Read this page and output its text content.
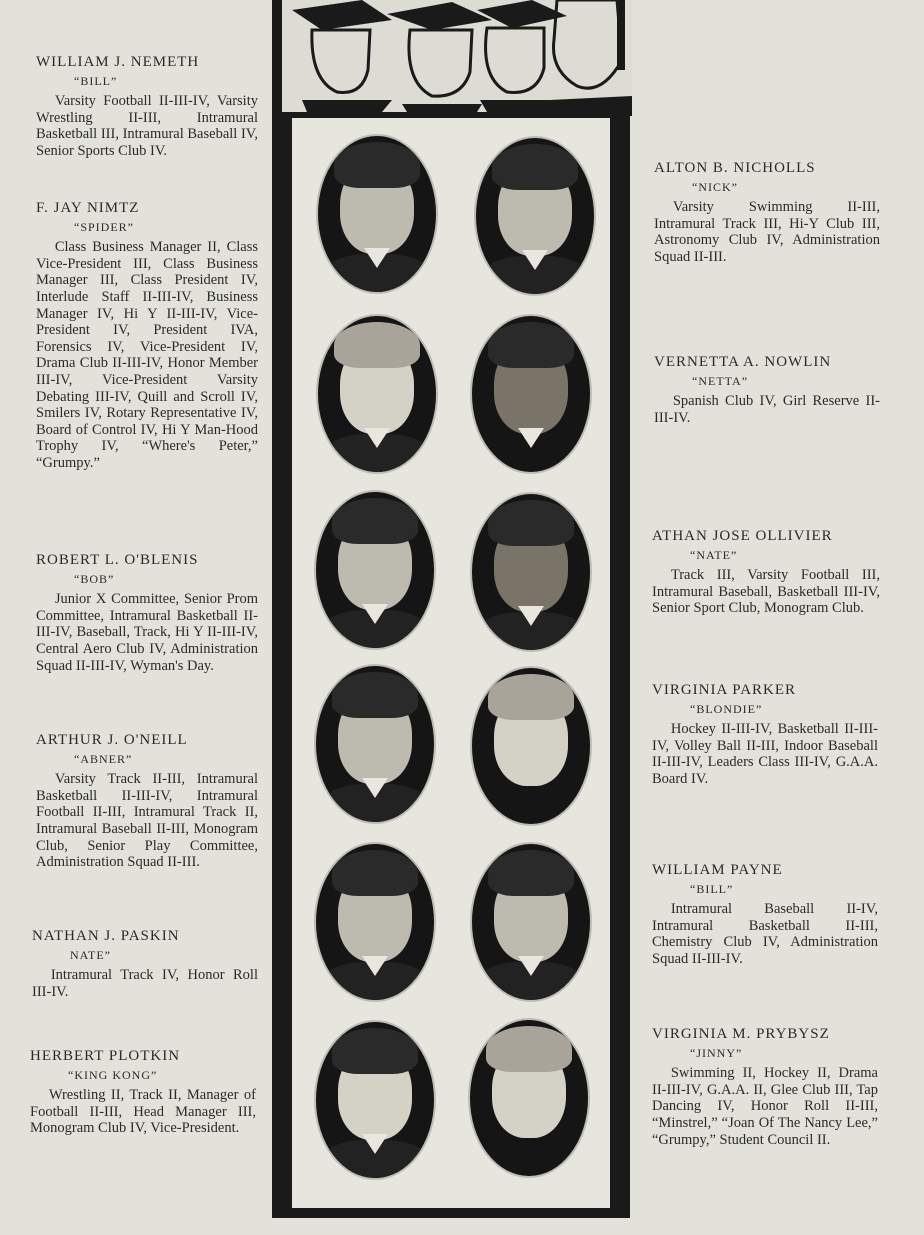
WILLIAM J. NEMETH
“BILL”
Varsity Football II-III-IV, Varsity Wrestling II-III, Intramural Basketball III, Intramural Baseball IV, Senior Sports Club IV.
F. JAY NIMTZ
“SPIDER”
Class Business Manager II, Class Vice-President III, Class Business Manager III, Class President IV, Interlude Staff II-III-IV, Business Manager IV, Hi Y II-III-IV, Vice-President IV, President IVA, Forensics IV, Vice-President IV, Drama Club II-III-IV, Honor Member III-IV, Vice-President Varsity Debating III-IV, Quill and Scroll IV, Smilers IV, Rotary Representative IV, Board of Control IV, Hi Y Man-Hood Trophy IV, “Where's Peter,” “Grumpy.”
ROBERT L. O'BLENIS
“BOB”
Junior X Committee, Senior Prom Committee, Intramural Basketball II-III-IV, Baseball, Track, Hi Y II-III-IV, Central Aero Club IV, Administration Squad II-III-IV, Wyman's Day.
ARTHUR J. O'NEILL
“ABNER”
Varsity Track II-III, Intramural Basketball II-III-IV, Intramural Football II-III, Intramural Track II, Intramural Baseball II-III, Monogram Club, Senior Play Committee, Administration Squad II-III.
NATHAN J. PASKIN
NATE”
Intramural Track IV, Honor Roll III-IV.
HERBERT PLOTKIN
“KING KONG”
Wrestling II, Track II, Manager of Football II-III, Head Manager III, Monogram Club IV, Vice-President.
ALTON B. NICHOLLS
“NICK”
Varsity Swimming II-III, Intramural Track III, Hi-Y Club III, Astronomy Club IV, Administration Squad II-III.
VERNETTA A. NOWLIN
“NETTA”
Spanish Club IV, Girl Reserve II-III-IV.
ATHAN JOSE OLLIVIER
“NATE”
Track III, Varsity Football III, Intramural Baseball, Basketball III-IV, Senior Sport Club, Monogram Club.
VIRGINIA PARKER
“BLONDIE”
Hockey II-III-IV, Basketball II-III-IV, Volley Ball II-III, Indoor Baseball II-III-IV, Leaders Class III-IV, G.A.A. Board IV.
WILLIAM PAYNE
“BILL”
Intramural Baseball II-IV, Intramural Basketball II-III, Chemistry Club IV, Administration Squad II-III-IV.
VIRGINIA M. PRYBYSZ
“JINNY”
Swimming II, Hockey II, Drama II-III-IV, G.A.A. II, Glee Club III, Tap Dancing IV, Honor Roll II-III, “Minstrel,” “Joan Of The Nancy Lee,” “Grumpy,” Student Council II.
